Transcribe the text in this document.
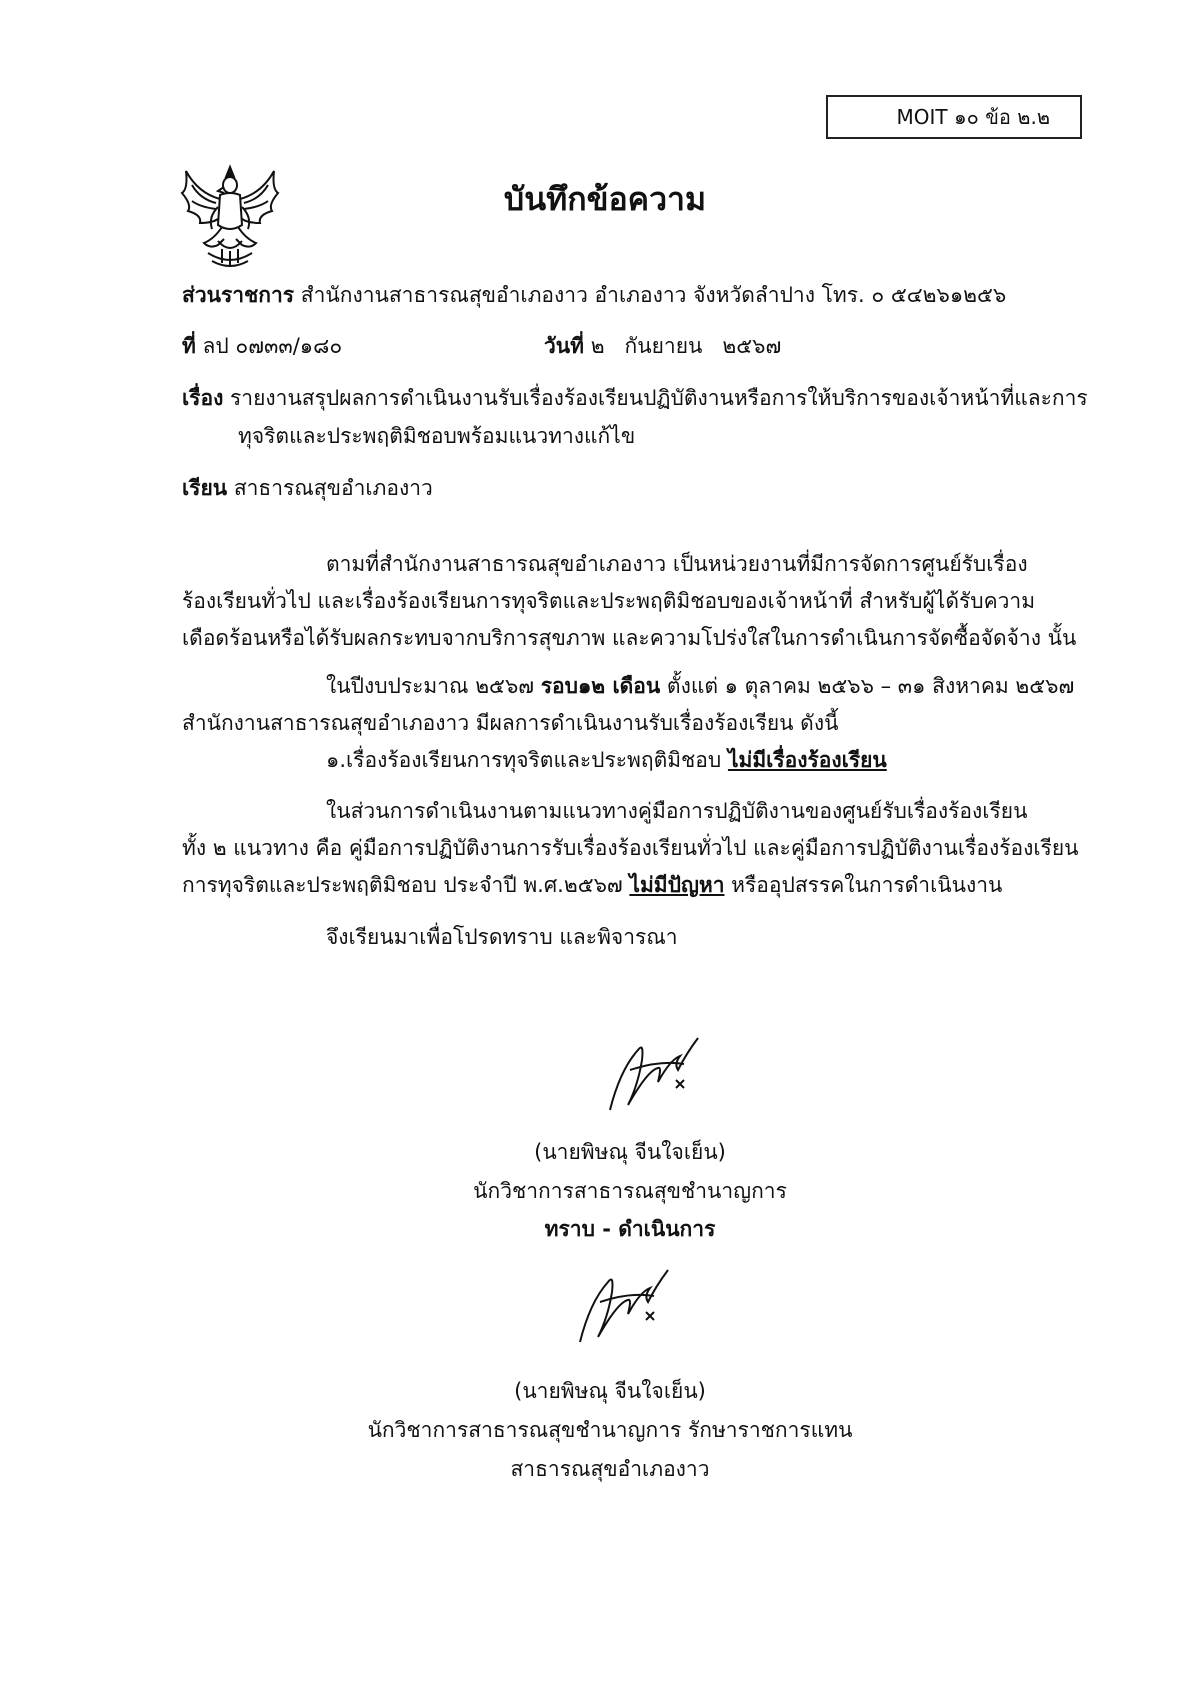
MOIT ๑๐ ข้อ ๒.๒
บันทึกข้อความ
ส่วนราชการ สำนักงานสาธารณสุขอำเภองาว อำเภองาว จังหวัดลำปาง โทร. ๐ ๕๔๒๖๑๒๕๖
ที่ ลป ๐๗๓๓/๑๘๐	วันที่ ๒   กันยายน   ๒๕๖๗
เรื่อง รายงานสรุปผลการดำเนินงานรับเรื่องร้องเรียนปฏิบัติงานหรือการให้บริการของเจ้าหน้าที่และการ
ทุจริตและประพฤติมิชอบพร้อมแนวทางแก้ไข
เรียน สาธารณสุขอำเภองาว
ตามที่สำนักงานสาธารณสุขอำเภองาว เป็นหน่วยงานที่มีการจัดการศูนย์รับเรื่อง
ร้องเรียนทั่วไป และเรื่องร้องเรียนการทุจริตและประพฤติมิชอบของเจ้าหน้าที่ สำหรับผู้ได้รับความ
เดือดร้อนหรือได้รับผลกระทบจากบริการสุขภาพ และความโปร่งใสในการดำเนินการจัดซื้อจัดจ้าง นั้น
ในปีงบประมาณ ๒๕๖๗ รอบ๑๒ เดือน ตั้งแต่ ๑ ตุลาคม ๒๕๖๖ – ๓๑ สิงหาคม ๒๕๖๗
สำนักงานสาธารณสุขอำเภองาว มีผลการดำเนินงานรับเรื่องร้องเรียน ดังนี้
๑.เรื่องร้องเรียนการทุจริตและประพฤติมิชอบ ไม่มีเรื่องร้องเรียน
ในส่วนการดำเนินงานตามแนวทางคู่มือการปฏิบัติงานของศูนย์รับเรื่องร้องเรียน
ทั้ง ๒ แนวทาง คือ คู่มือการปฏิบัติงานการรับเรื่องร้องเรียนทั่วไป และคู่มือการปฏิบัติงานเรื่องร้องเรียน
การทุจริตและประพฤติมิชอบ ประจำปี พ.ศ.๒๕๖๗ ไม่มีปัญหา หรืออุปสรรคในการดำเนินงาน
จึงเรียนมาเพื่อโปรดทราบ และพิจารณา
(นายพิษณุ จีนใจเย็น)
นักวิชาการสาธารณสุขชำนาญการ
ทราบ - ดำเนินการ
(นายพิษณุ จีนใจเย็น)
นักวิชาการสาธารณสุขชำนาญการ รักษาราชการแทน
สาธารณสุขอำเภองาว
